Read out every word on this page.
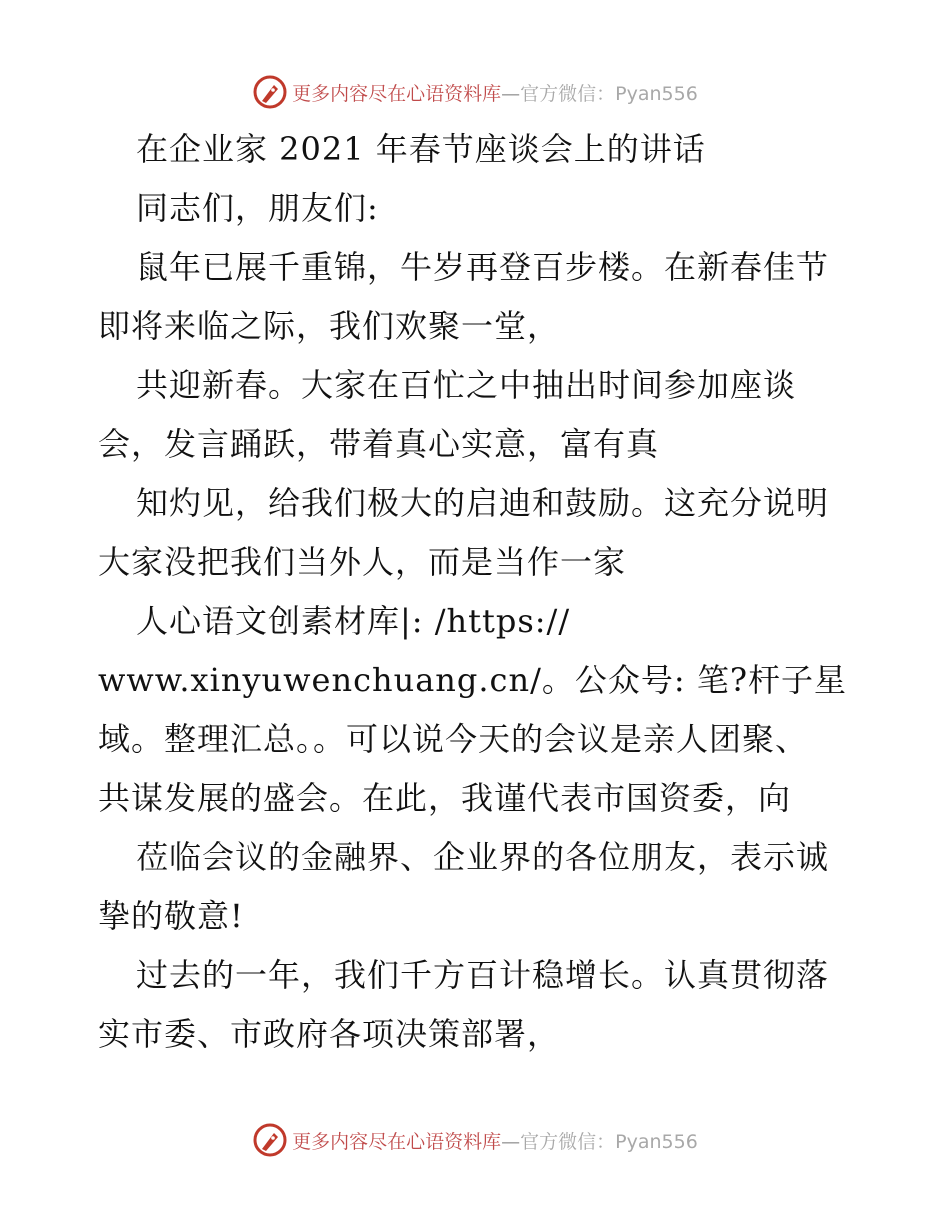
更多内容尽在心语资料库—官方微信：Pyan556
在企业家 2021 年春节座谈会上的讲话
同志们，朋友们:
鼠年已展千重锦，牛岁再登百步楼。在新春佳节
即将来临之际，我们欢聚一堂，
共迎新春。大家在百忙之中抽出时间参加座谈
会，发言踊跃，带着真心实意，富有真
知灼见，给我们极大的启迪和鼓励。这充分说明
大家没把我们当外人，而是当作一家
人心语文创素材库|: /https://
www.xinyuwenchuang.cn/。公众号: 笔?杆子星
域。整理汇总。。可以说今天的会议是亲人团聚、
共谋发展的盛会。在此，我谨代表市国资委，向
莅临会议的金融界、企业界的各位朋友，表示诚
挚的敬意!
过去的一年，我们千方百计稳增长。认真贯彻落
实市委、市政府各项决策部署，
更多内容尽在心语资料库—官方微信：Pyan556
